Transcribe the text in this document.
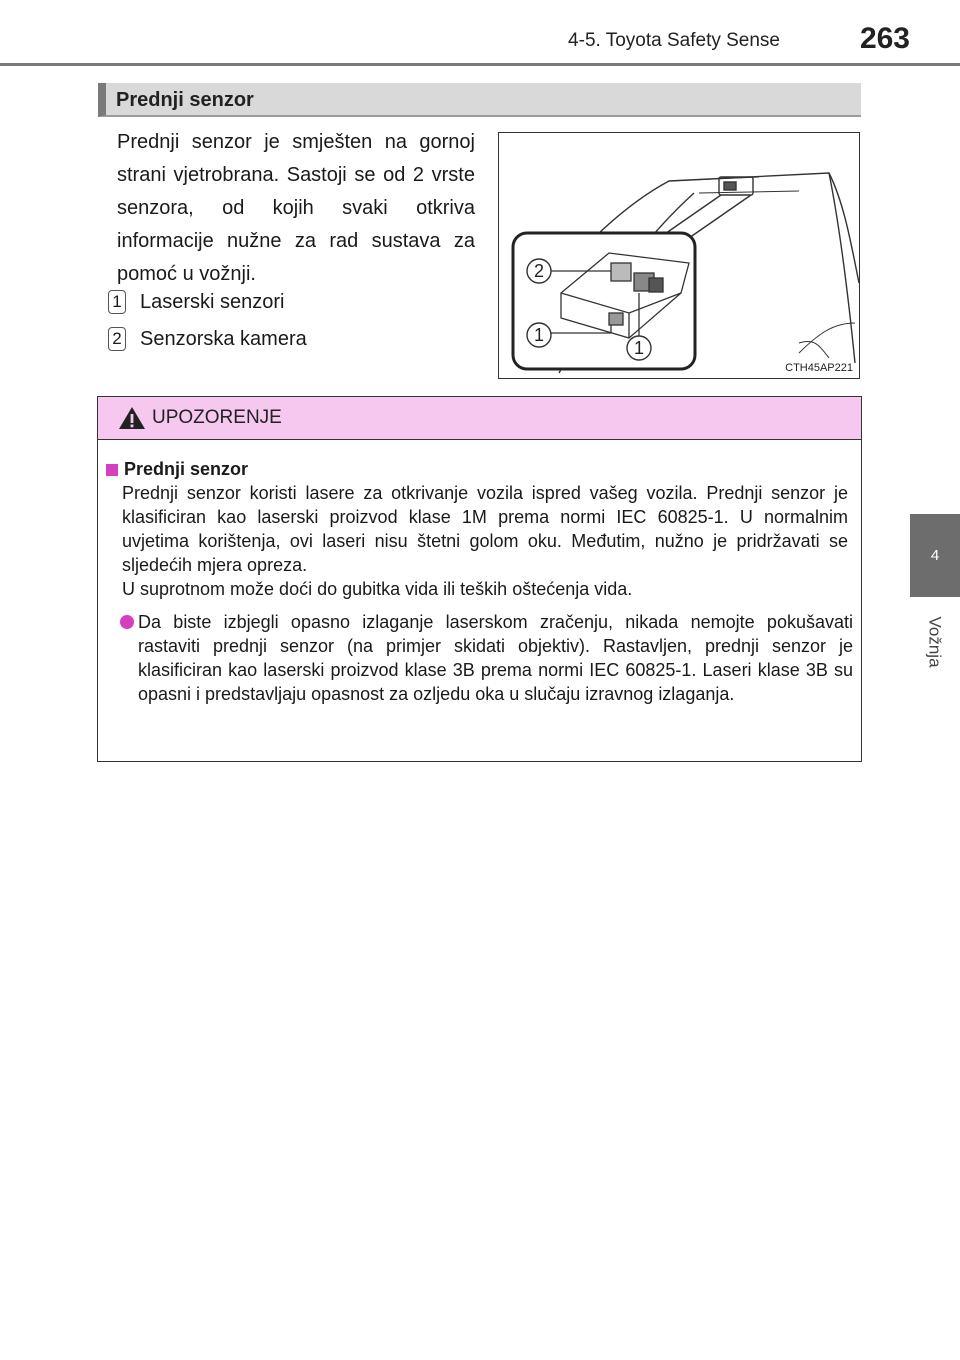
4-5. Toyota Safety Sense	263
4
Vožnja
Prednji senzor
Prednji senzor je smješten na gornoj strani vjetrobrana. Sastoji se od 2 vrste senzora, od kojih svaki otkriva informacije nužne za rad sustava za pomoć u vožnji.
1 Laserski senzori
2 Senzorska kamera
2
1
1
CTH45AP221
UPOZORENJE
Prednji senzor

Prednji senzor koristi lasere za otkrivanje vozila ispred vašeg vozila. Prednji senzor je klasificiran kao laserski proizvod klase 1M prema normi IEC 60825-1. U normalnim uvjetima korištenja, ovi laseri nisu štetni golom oku. Međutim, nužno je pridržavati se sljedećih mjera opreza.

U suprotnom može doći do gubitka vida ili teških oštećenja vida.

Da biste izbjegli opasno izlaganje laserskom zračenju, nikada nemojte pokušavati rastaviti prednji senzor (na primjer skidati objektiv). Rastavljen, prednji senzor je klasificiran kao laserski proizvod klase 3B prema normi IEC 60825-1. Laseri klase 3B su opasni i predstavljaju opasnost za ozljedu oka u slučaju izravnog izlaganja.
